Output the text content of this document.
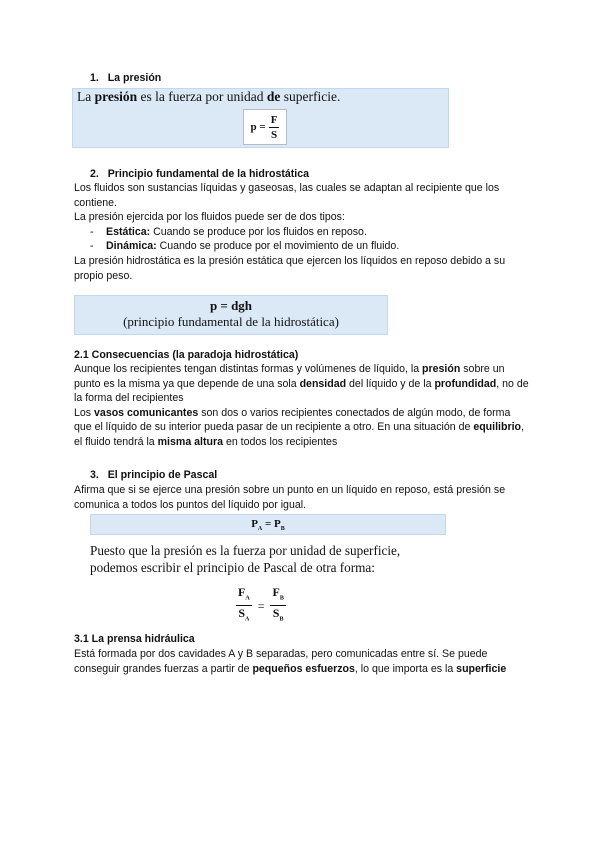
1. La presión
La presión es la fuerza por unidad de superficie.
p =
$\frac{F}{S}$
2. Principio fundamental de la hidrostática

Los fluidos son sustancias líquidas y gaseosas, las cuales se adaptan al recipiente que los contiene.

La presión ejercida por los fluidos puede ser de dos tipos:

- Estática: Cuando se produce por los fluidos en reposo.
- Dinámica: Cuando se produce por el movimiento de un fluido.

La presión hidrostática es la presión estática que ejercen los líquidos en reposo debido a su propio peso.

p = dgh
(principio fundamental de la hidrostática)
2.1 Consecuencias (la paradoja hidrostática)

Aunque los recipientes tengan distintas formas y volúmenes de líquido, la presión sobre un punto es la misma ya que depende de una sola densidad del líquido y de la profundidad, no de la forma del recipientes

Los vasos comunicantes son dos o varios recipientes conectados de algún modo, de forma que el líquido de su interior pueda pasar de un recipiente a otro. En una situación de equilibrio, el fluido tendrá la misma altura en todos los recipientes

3. El principio de Pascal
Afirma que si se ejerce una presión sobre un punto en un líquido en reposo, está presión se comunica a todos los puntos del líquido por igual.
$P_A = P_B$
Puesto que la presión es la fuerza por unidad de superficie, podemos escribir el principio de Pascal de otra forma:
$\frac{F_A}{S_A} = \frac{F_B}{S_B}$
3.1 La prensa hidráulica

Está formada por dos cavidades A y B separadas, pero comunicadas entre sí. Se puede conseguir grandes fuerzas a partir de pequeños esfuerzos, lo que importa es la superficie
